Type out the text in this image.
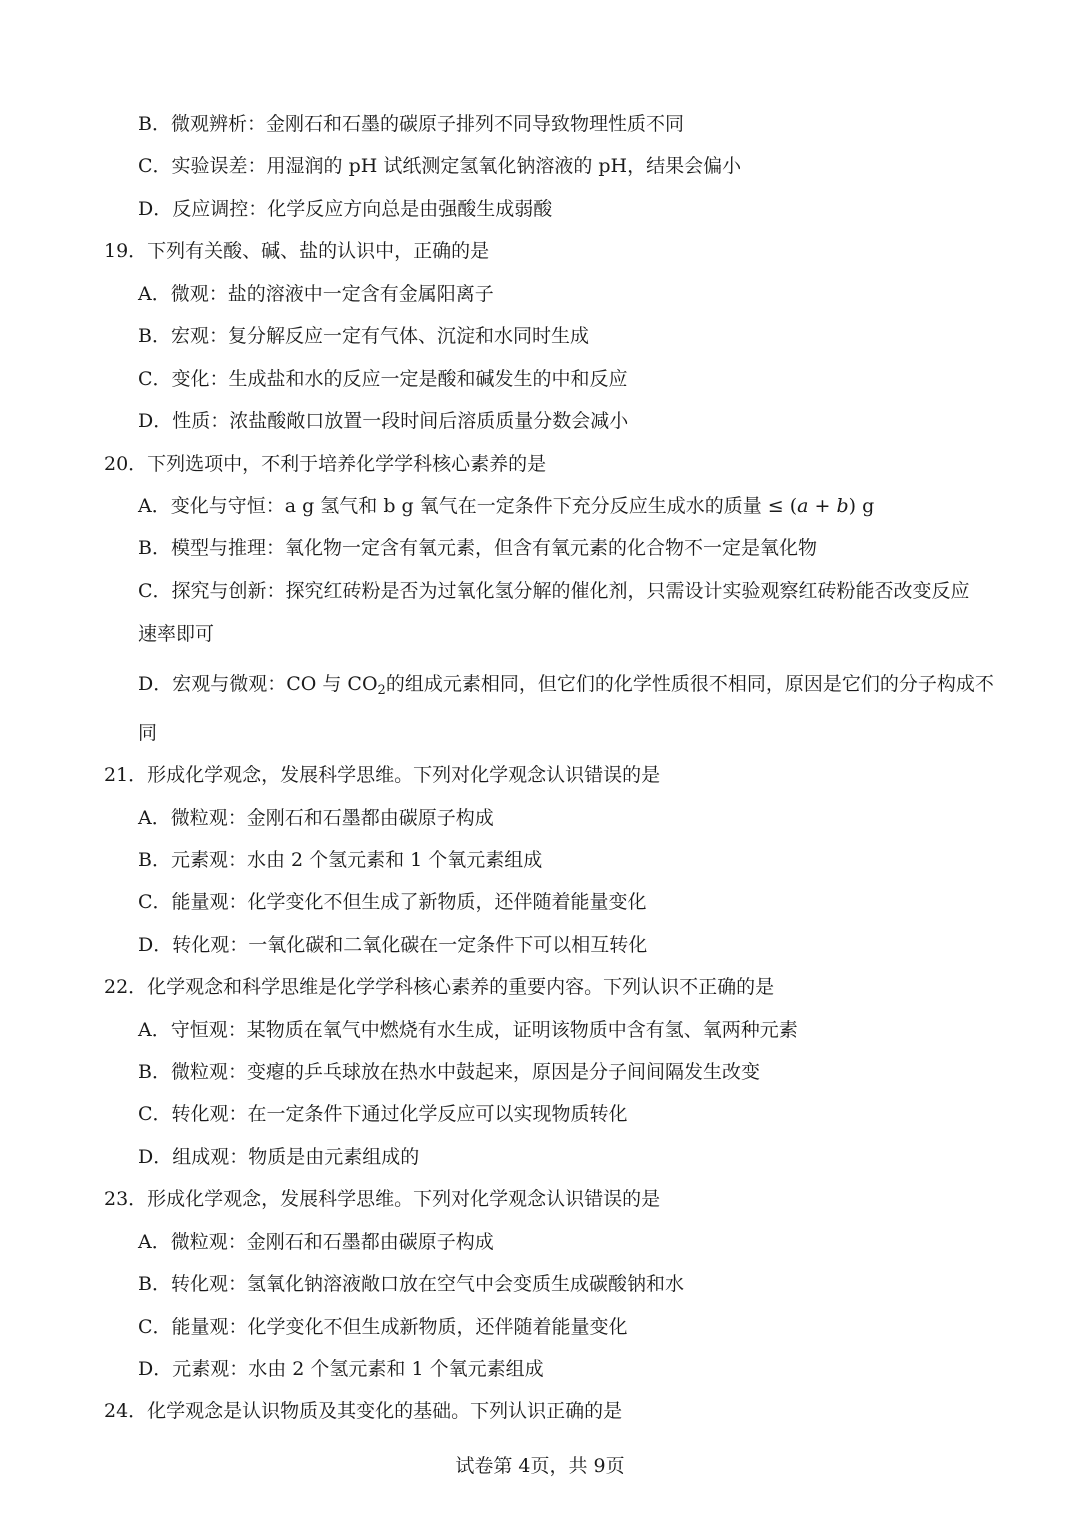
B．微观辨析：金刚石和石墨的碳原子排列不同导致物理性质不同
C．实验误差：用湿润的 pH 试纸测定氢氧化钠溶液的 pH，结果会偏小
D．反应调控：化学反应方向总是由强酸生成弱酸
19．下列有关酸、碱、盐的认识中，正确的是
A．微观：盐的溶液中一定含有金属阳离子
B．宏观：复分解反应一定有气体、沉淀和水同时生成
C．变化：生成盐和水的反应一定是酸和碱发生的中和反应
D．性质：浓盐酸敞口放置一段时间后溶质质量分数会减小
20．下列选项中，不利于培养化学学科核心素养的是
A．变化与守恒：a g 氢气和 b g 氧气在一定条件下充分反应生成水的质量 ≤ (a + b) g
B．模型与推理：氧化物一定含有氧元素，但含有氧元素的化合物不一定是氧化物
C．探究与创新：探究红砖粉是否为过氧化氢分解的催化剂，只需设计实验观察红砖粉能否改变反应
速率即可
D．宏观与微观：CO 与 $CO_2$的组成元素相同，但它们的化学性质很不相同，原因是它们的分子构成不
同
21．形成化学观念，发展科学思维。下列对化学观念认识错误的是
A．微粒观：金刚石和石墨都由碳原子构成
B．元素观：水由 2 个氢元素和 1 个氧元素组成
C．能量观：化学变化不但生成了新物质，还伴随着能量变化
D．转化观：一氧化碳和二氧化碳在一定条件下可以相互转化
22．化学观念和科学思维是化学学科核心素养的重要内容。下列认识不正确的是
A．守恒观：某物质在氧气中燃烧有水生成，证明该物质中含有氢、氧两种元素
B．微粒观：变瘪的乒乓球放在热水中鼓起来，原因是分子间间隔发生改变
C．转化观：在一定条件下通过化学反应可以实现物质转化
D．组成观：物质是由元素组成的
23．形成化学观念，发展科学思维。下列对化学观念认识错误的是
A．微粒观：金刚石和石墨都由碳原子构成
B．转化观：氢氧化钠溶液敞口放在空气中会变质生成碳酸钠和水
C．能量观：化学变化不但生成新物质，还伴随着能量变化
D．元素观：水由 2 个氢元素和 1 个氧元素组成
24．化学观念是认识物质及其变化的基础。下列认识正确的是
试卷第 4页，共 9页
